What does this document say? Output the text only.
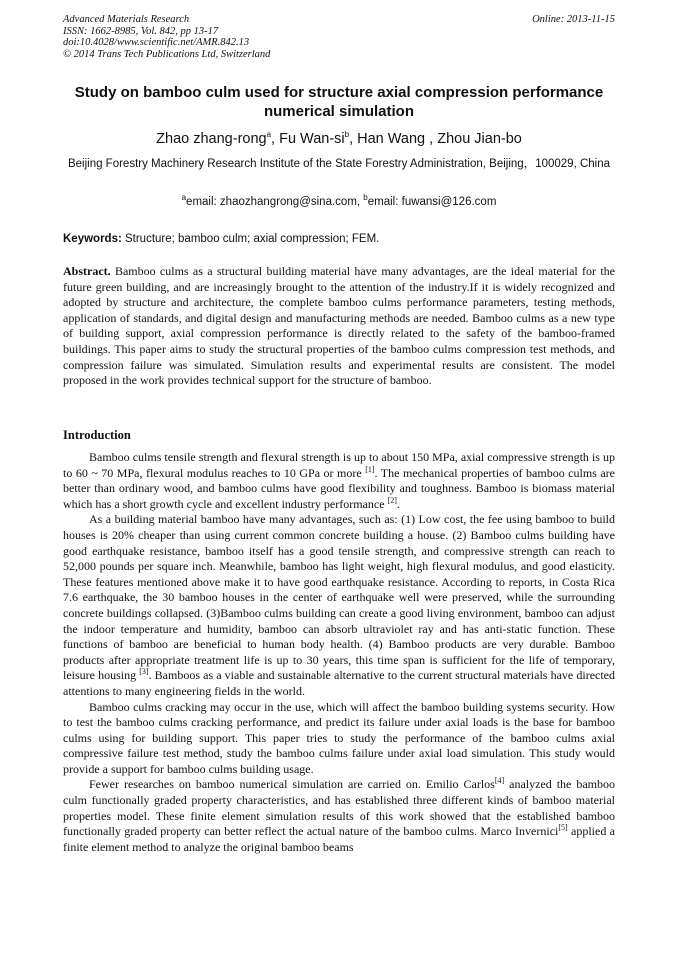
Advanced Materials Research
ISSN: 1662-8985, Vol. 842, pp 13-17
doi:10.4028/www.scientific.net/AMR.842.13
© 2014 Trans Tech Publications Ltd, Switzerland
Online: 2013-11-15
Study on bamboo culm used for structure axial compression performance numerical simulation
Zhao zhang-rong$^a$, Fu Wan-$si^b$, Han Wang , Zhou Jian-bo
Beijing Forestry Machinery Research Institute of the State Forestry Administration, Beijing，100029, China
$^a$email: zhaozhangrong@sina.com, $^b$email: fuwansi@126.com
Keywords: Structure; bamboo culm; axial compression; FEM.
Abstract. Bamboo culms as a structural building material have many advantages, are the ideal material for the future green building, and are increasingly brought to the attention of the industry.If it is widely recognized and adopted by structure and architecture, the complete bamboo culms performance parameters, testing methods, application of standards, and digital design and manufacturing methods are needed. Bamboo culms as a new type of building support, axial compression performance is directly related to the safety of the bamboo-framed buildings. This paper aims to study the structural properties of the bamboo culms compression test methods, and compression failure was simulated. Simulation results and experimental results are consistent. The model proposed in the work provides technical support for the structure of bamboo.
Introduction

Bamboo culms tensile strength and flexural strength is up to about 150 MPa, axial compressive strength is up to 60 ~ 70 MPa, flexural modulus reaches to 10 GPa or more [1]. The mechanical properties of bamboo culms are better than ordinary wood, and bamboo culms have good flexibility and toughness. Bamboo is biomass material which has a short growth cycle and excellent industry performance [2].

As a building material bamboo have many advantages, such as: (1) Low cost, the fee using bamboo to build houses is 20% cheaper than using current common concrete building a house. (2) Bamboo culms building have good earthquake resistance, bamboo itself has a good tensile strength, and compressive strength can reach to 52,000 pounds per square inch. Meanwhile, bamboo has light weight, high flexural modulus, and good elasticity. These features mentioned above make it to have good earthquake resistance. According to reports, in Costa Rica 7.6 earthquake, the 30 bamboo houses in the center of earthquake well were preserved, while the surrounding concrete buildings collapsed. (3)Bamboo culms building can create a good living environment, bamboo can adjust the indoor temperature and humidity, bamboo can absorb ultraviolet ray and has anti-static function. These functions of bamboo are beneficial to human body health. (4) Bamboo products are very durable. Bamboo products after appropriate treatment life is up to 30 years, this time span is sufficient for the life of temporary, leisure housing [3]. Bamboos as a viable and sustainable alternative to the current structural materials have directed attentions to many engineering fields in the world.

Bamboo culms cracking may occur in the use, which will affect the bamboo building systems security. How to test the bamboo culms cracking performance, and predict its failure under axial loads is the base for bamboo culms using for building support. This paper tries to study the performance of the bamboo culms axial compressive failure test method, study the bamboo culms failure under axial load simulation. This study would provide a support for bamboo culms building usage.

Fewer researches on bamboo numerical simulation are carried on. Emilio Carlos[4] analyzed the bamboo culm functionally graded property characteristics, and has established three different kinds of bamboo material properties model. These finite element simulation results of this work showed that the established bamboo functionally graded property can better reflect the actual nature of the bamboo culms. Marco Invernici[5] applied a finite element method to analyze the original bamboo beams
